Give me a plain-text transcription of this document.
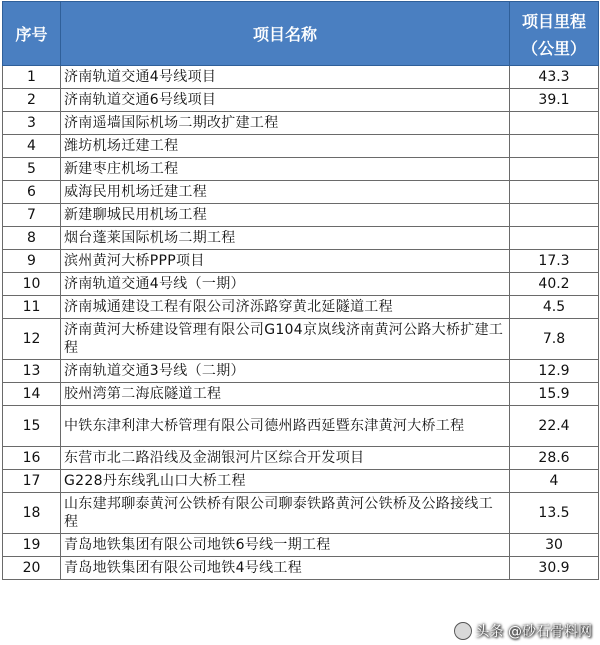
序号	项目名称	项目里程
（公里）

1	济南轨道交通4号线项目	43.3
2	济南轨道交通6号线项目	39.1
3	济南遥墙国际机场二期改扩建工程	
4	潍坊机场迁建工程	
5	新建枣庄机场工程	
6	威海民用机场迁建工程	
7	新建聊城民用机场工程	
8	烟台蓬莱国际机场二期工程	
9	滨州黄河大桥PPP项目	17.3
10	济南轨道交通4号线（一期）	40.2
11	济南城通建设工程有限公司济泺路穿黄北延隧道工程	4.5
12	济南黄河大桥建设管理有限公司G104京岚线济南黄河公路大桥扩建工程	7.8
13	济南轨道交通3号线（二期）	12.9
14	胶州湾第二海底隧道工程	15.9
15	中铁东津利津大桥管理有限公司德州路西延暨东津黄河大桥工程	22.4
16	东营市北二路沿线及金湖银河片区综合开发项目	28.6
17	G228丹东线乳山口大桥工程	4
18	山东建邦聊泰黄河公铁桥有限公司聊泰铁路黄河公铁桥及公路接线工程	13.5
19	青岛地铁集团有限公司地铁6号线一期工程	30
20	青岛地铁集团有限公司地铁4号线工程	30.9
头条 @砂石骨料网
